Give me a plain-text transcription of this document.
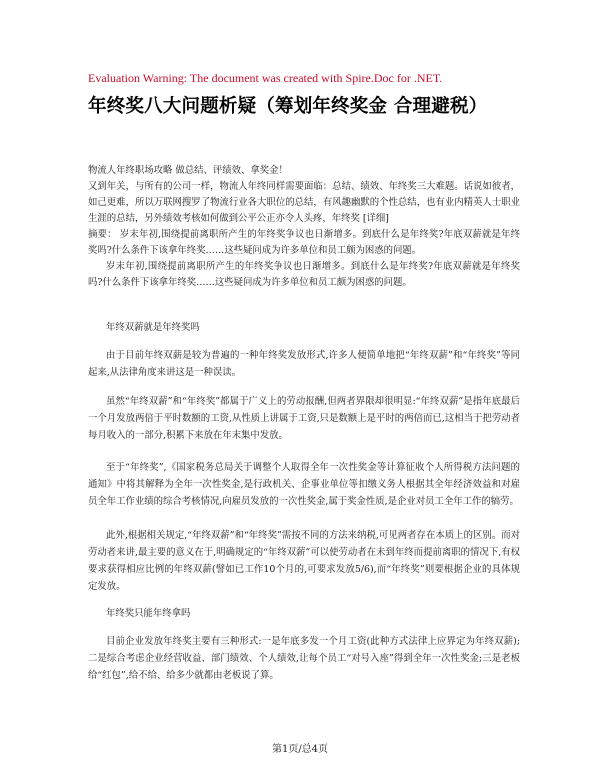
Evaluation Warning: The document was created with Spire.Doc for .NET.
年终奖八大问题析疑（筹划年终奖金 合理避税）

物流人年终职场攻略 做总结、评绩效、拿奖金！

又到年关，与所有的公司一样，物流人年终同样需要面临：总结、绩效、年终奖三大难题。话说如彼者，如己更难，所以万联网搜罗了物流行业各大职位的总结，有风趣幽默的个性总结，也有业内精英人士职业生涯的总结，另外绩效考核如何做到公平公正亦令人头疼，年终奖 [详细]

摘要： 岁末年初,围绕提前离职所产生的年终奖争议也日渐增多。到底什么是年终奖?年底双薪就是年终奖吗?什么条件下该拿年终奖……这些疑问成为许多单位和员工颇为困惑的问题。

岁末年初,围绕提前离职所产生的年终奖争议也日渐增多。到底什么是年终奖?年底双薪就是年终奖吗?什么条件下该拿年终奖……这些疑问成为许多单位和员工颇为困惑的问题。

年终双薪就是年终奖吗
由于目前年终双薪是较为普遍的一种年终奖发放形式,许多人便简单地把“年终双薪”和“年终奖”等同起来,从法律角度来讲这是一种误读。
虽然“年终双薪”和“年终奖”都属于广义上的劳动报酬,但两者界限却很明显:“年终双薪”是指年底最后一个月发放两倍于平时数额的工资,从性质上讲属于工资,只是数额上是平时的两倍而已,这相当于把劳动者每月收入的一部分,积累下来放在年末集中发放。
至于“年终奖”,《国家税务总局关于调整个人取得全年一次性奖金等计算征收个人所得税方法问题的通知》中将其解释为全年一次性奖金,是行政机关、企事业单位等扣缴义务人根据其全年经济效益和对雇员全年工作业绩的综合考核情况,向雇员发放的一次性奖金,属于奖金性质,是企业对员工全年工作的犒劳。
此外,根据相关规定,“年终双薪”和“年终奖”需按不同的方法来纳税,可见两者存在本质上的区别。而对劳动者来讲,最主要的意义在于,明确规定的“年终双薪”可以使劳动者在未到年终而提前离职的情况下,有权要求获得相应比例的年终双薪(譬如已工作10个月的,可要求发放5/6),而“年终奖”则要根据企业的具体规定发放。
年终奖只能年终拿吗
目前企业发放年终奖主要有三种形式:一是年底多发一个月工资(此种方式法律上应界定为年终双薪);二是综合考虑企业经营收益、部门绩效、个人绩效,让每个员工“对号入座”得到全年一次性奖金;三是老板给“红包”,给不给、给多少就都由老板说了算。
第1页/总4页
